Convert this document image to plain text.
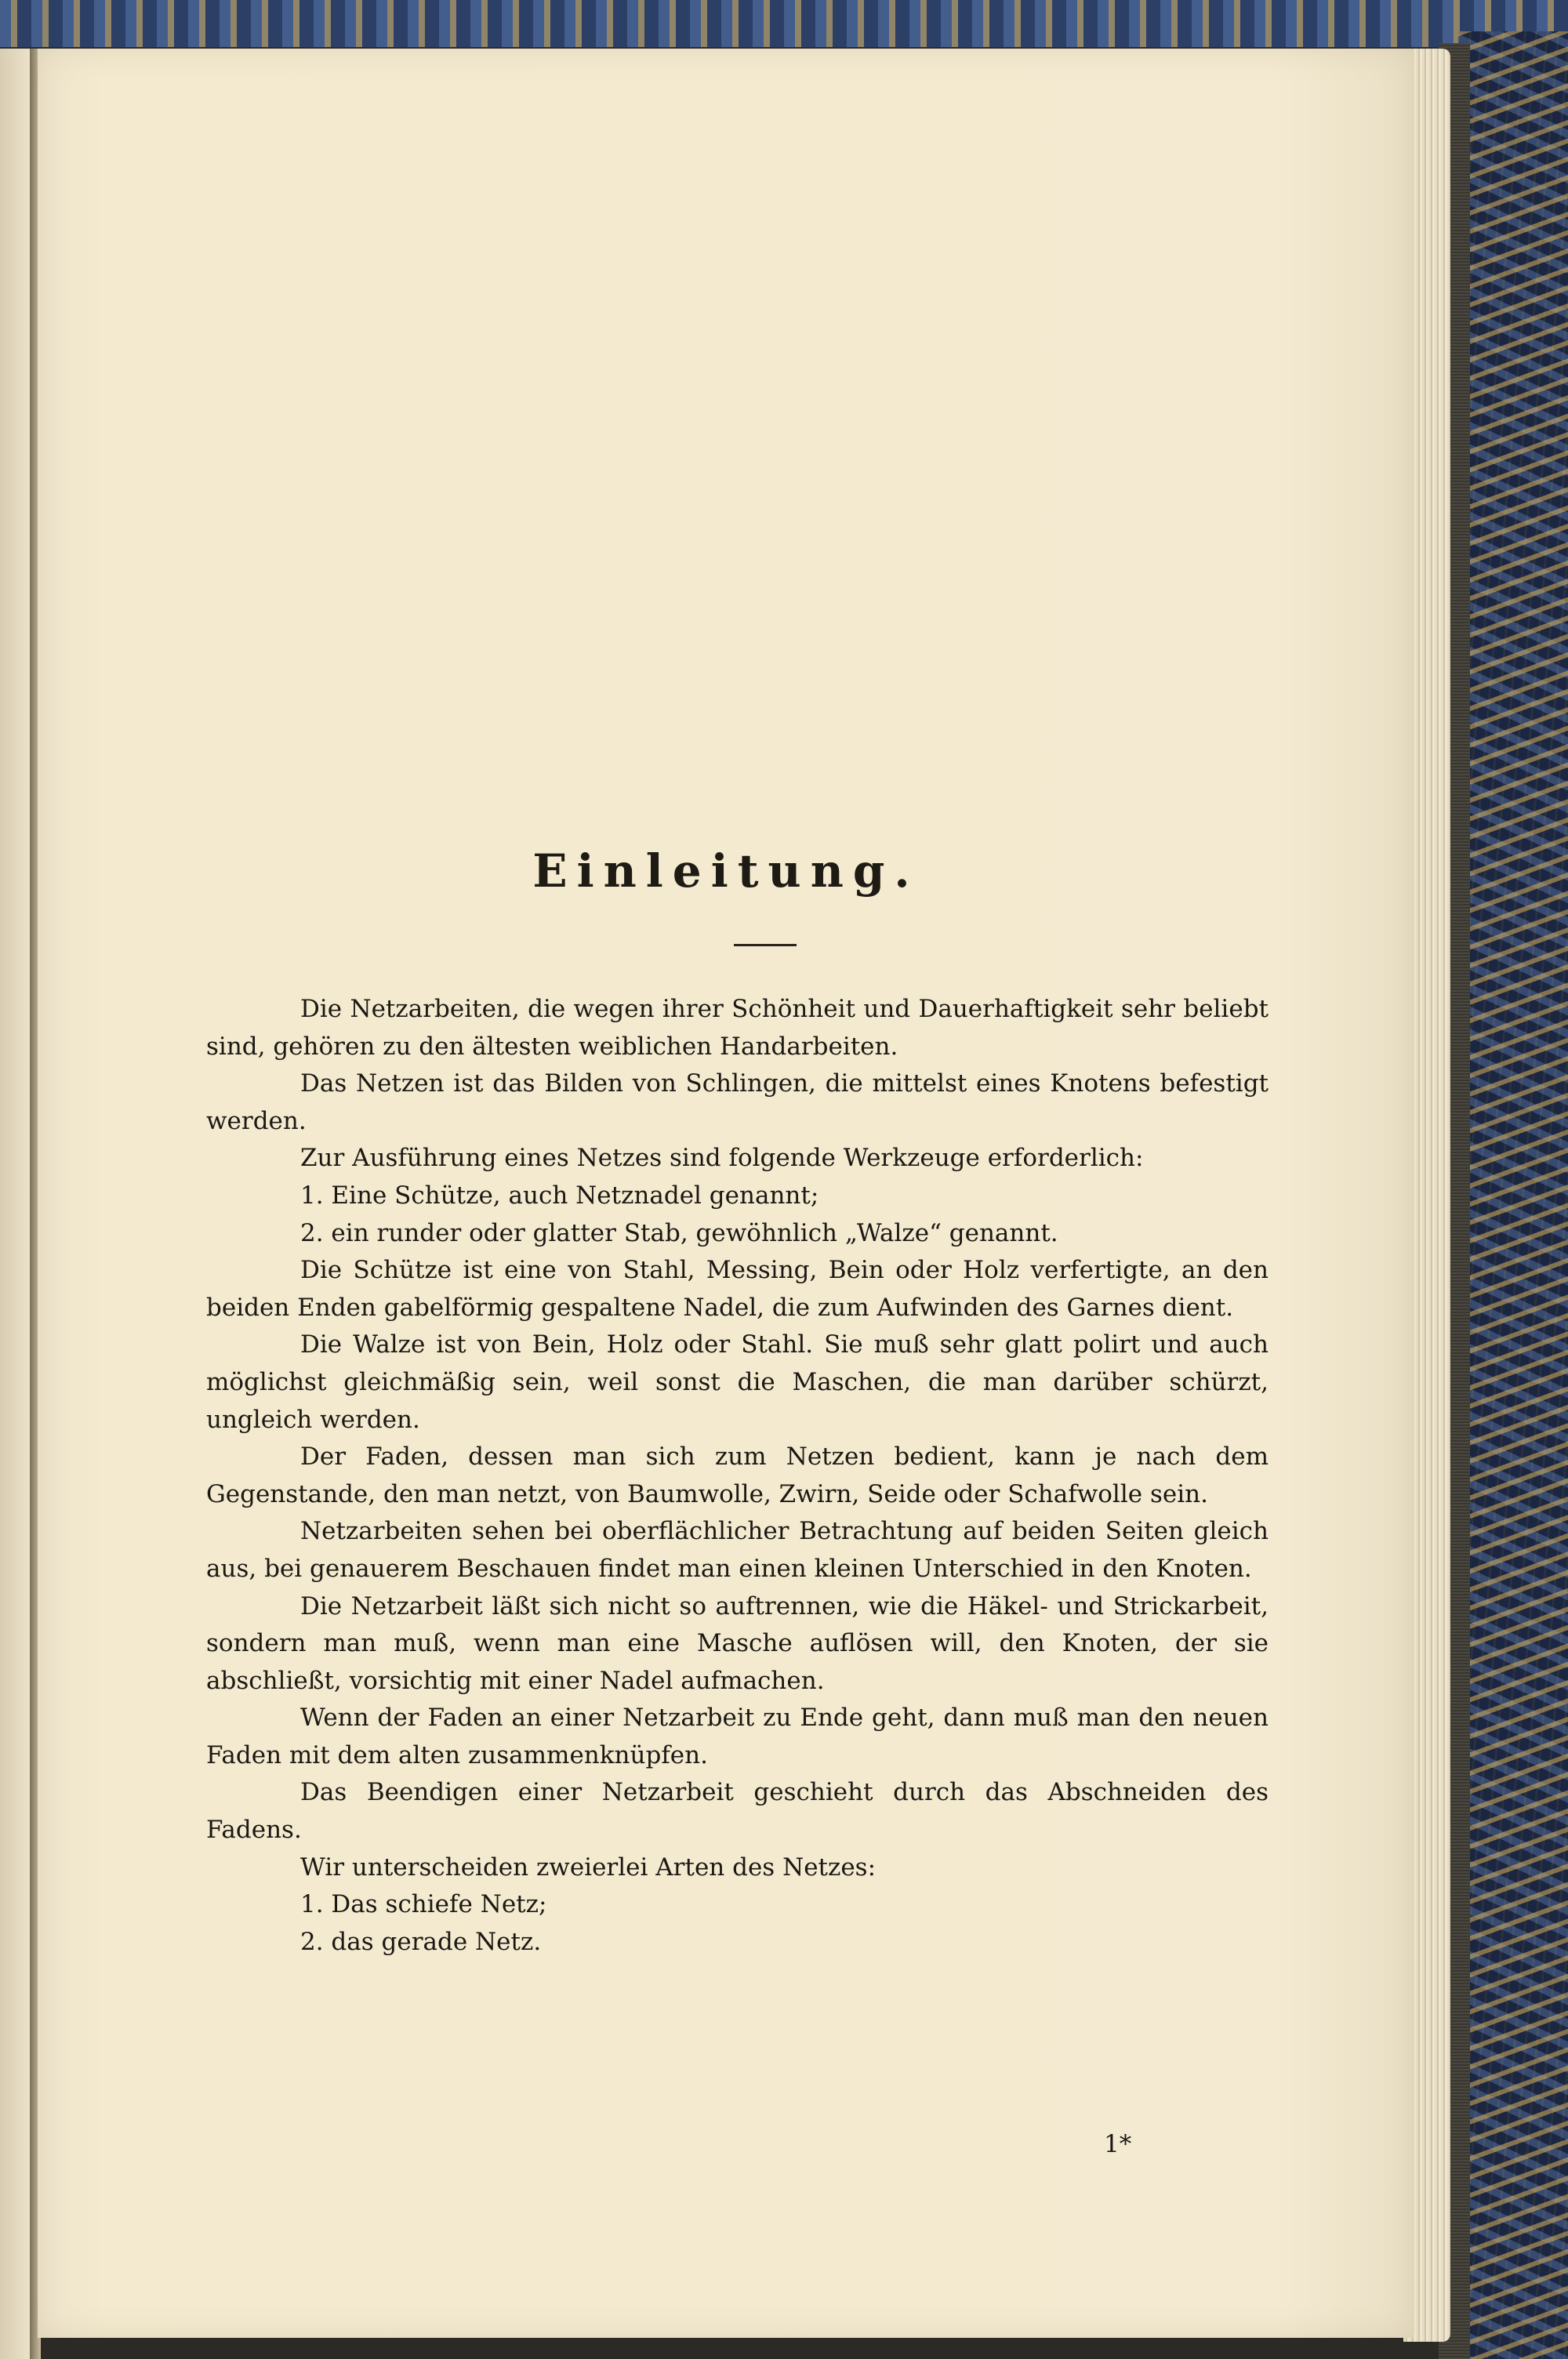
Einleitung.

Die Netzarbeiten, die wegen ihrer Schönheit und Dauerhaftigkeit sehr beliebt sind, gehören zu den ältesten weiblichen Handarbeiten.

Das Netzen ist das Bilden von Schlingen, die mittelst eines Knotens befestigt werden.

Zur Ausführung eines Netzes sind folgende Werkzeuge erforderlich:

1. Eine Schütze, auch Netznadel genannt;

2. ein runder oder glatter Stab, gewöhnlich „Walze“ genannt.

Die Schütze ist eine von Stahl, Messing, Bein oder Holz verfertigte, an den beiden Enden gabelförmig gespaltene Nadel, die zum Aufwinden des Garnes dient.

Die Walze ist von Bein, Holz oder Stahl. Sie muß sehr glatt polirt und auch möglichst gleichmäßig sein, weil sonst die Maschen, die man darüber schürzt, ungleich werden.

Der Faden, dessen man sich zum Netzen bedient, kann je nach dem Gegenstande, den man netzt, von Baumwolle, Zwirn, Seide oder Schafwolle sein.

Netzarbeiten sehen bei oberflächlicher Betrachtung auf beiden Seiten gleich aus, bei genauerem Beschauen findet man einen kleinen Unterschied in den Knoten.

Die Netzarbeit läßt sich nicht so auftrennen, wie die Häkel- und Strickarbeit, sondern man muß, wenn man eine Masche auflösen will, den Knoten, der sie abschließt, vorsichtig mit einer Nadel aufmachen.

Wenn der Faden an einer Netzarbeit zu Ende geht, dann muß man den neuen Faden mit dem alten zusammenknüpfen.

Das Beendigen einer Netzarbeit geschieht durch das Abschneiden des Fadens.

Wir unterscheiden zweierlei Arten des Netzes:

1. Das schiefe Netz;

2. das gerade Netz.

1*
